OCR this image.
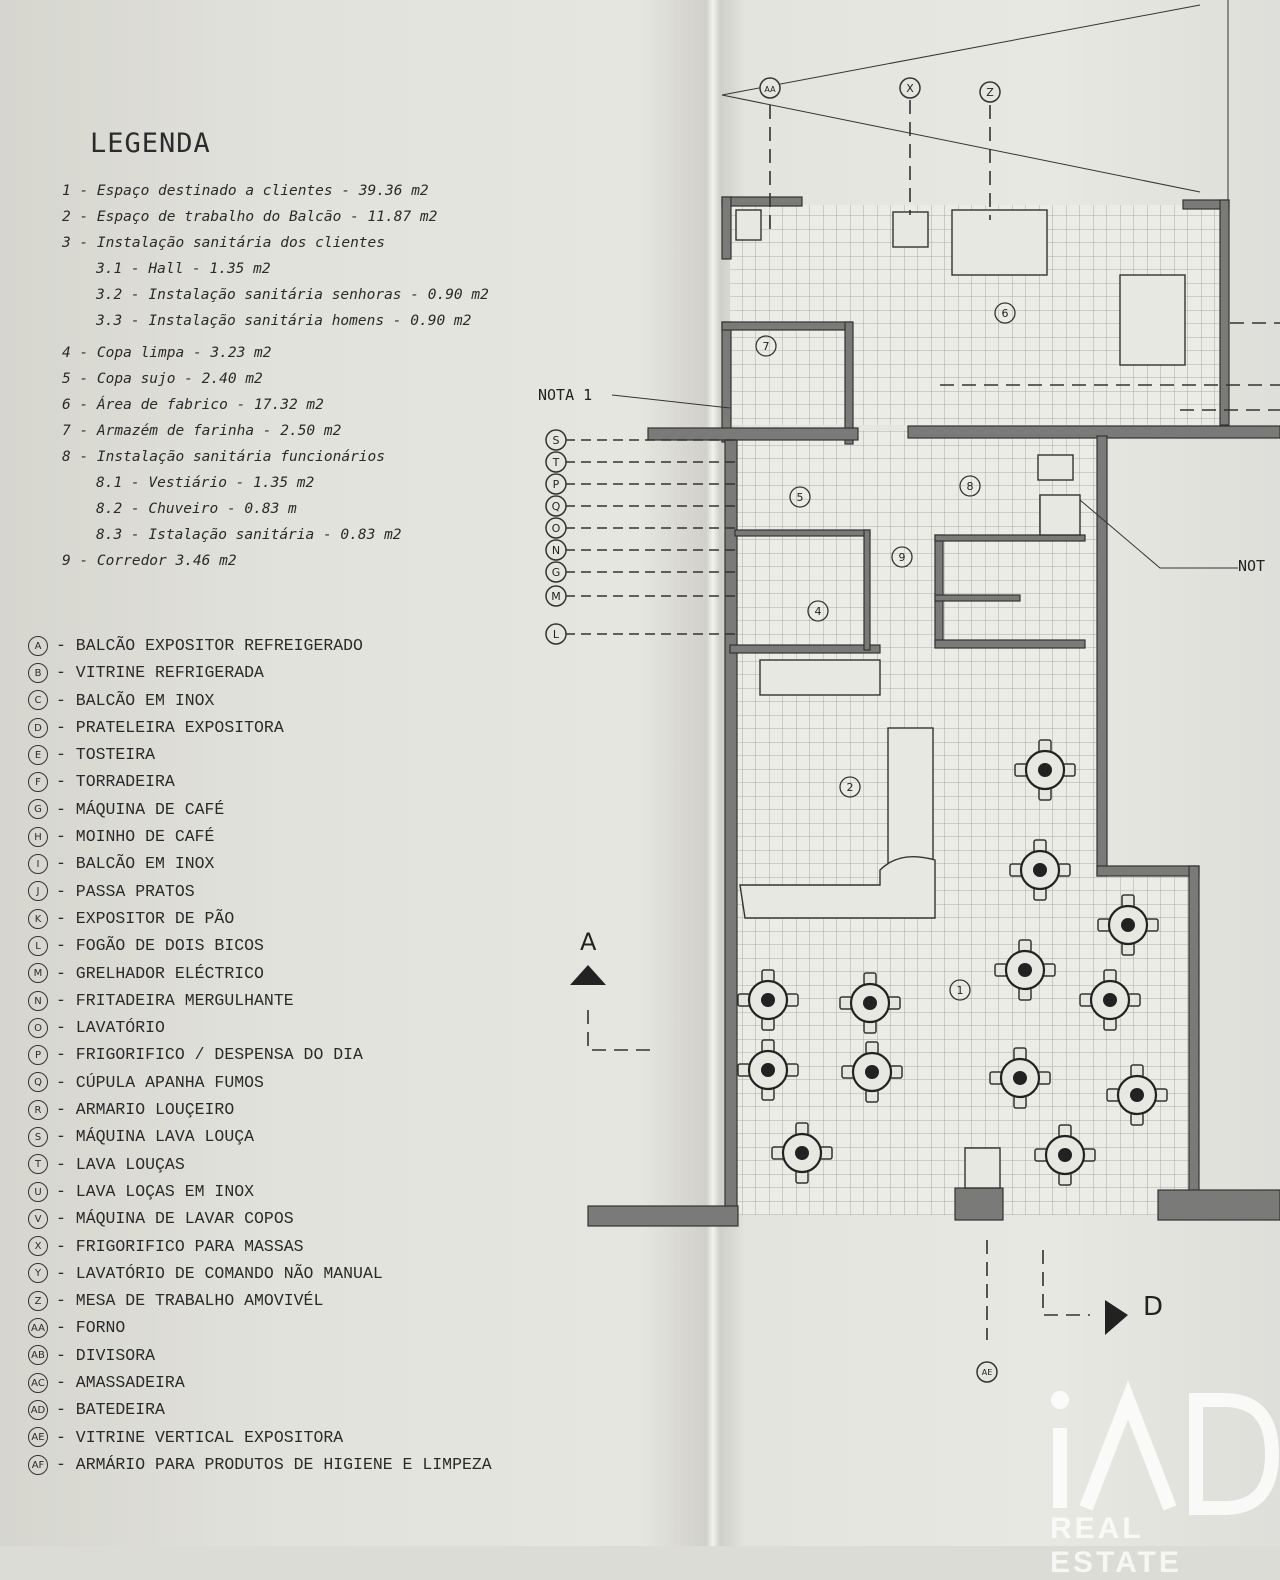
LEGENDA
1 - Espaço destinado a clientes - 39.36 m2
2 - Espaço de trabalho do Balcão - 11.87 m2
3 - Instalação sanitária dos clientes
3.1 - Hall - 1.35 m2
3.2 - Instalação sanitária senhoras - 0.90 m2
3.3 - Instalação sanitária homens - 0.90 m2
4 - Copa limpa - 3.23 m2
5 - Copa sujo - 2.40 m2
6 - Área de fabrico - 17.32 m2
7 - Armazém de farinha - 2.50 m2
8 - Instalação sanitária funcionários
8.1 - Vestiário - 1.35 m2
8.2 - Chuveiro - 0.83 m
8.3 - Istalação sanitária - 0.83 m2
9 - Corredor 3.46 m2
A - BALCÃO EXPOSITOR REFREIGERADO
B - VITRINE REFRIGERADA
C - BALCÃO EM INOX
D - PRATELEIRA EXPOSITORA
E - TOSTEIRA
F - TORRADEIRA
G - MÁQUINA DE CAFÉ
H - MOINHO DE CAFÉ
I	- BALCÃO EM INOX
J	- PASSA PRATOS
K - EXPOSITOR DE PÃO
L - FOGÃO DE DOIS BICOS
M - GRELHADOR ELÉCTRICO
N - FRITADEIRA MERGULHANTE
O - LAVATÓRIO
P - FRIGORIFICO / DESPENSA DO DIA
Q - CÚPULA APANHA FUMOS
R - ARMARIO LOUÇEIRO
S - MÁQUINA LAVA LOUÇA
T - LAVA LOUÇAS
U - LAVA LOÇAS EM INOX
V - MÁQUINA DE LAVAR COPOS
X - FRIGORIFICO PARA MASSAS
Y - LAVATÓRIO DE COMANDO NÃO MANUAL
Z - MESA DE TRABALHO AMOVIVÉL
AA - FORNO
AB - DIVISORA
AC - AMASSADEIRA
AD - BATEDEIRA
AE - VITRINE VERTICAL EXPOSITORA
AF - ARMÁRIO PARA PRODUTOS DE HIGIENE E LIMPEZA
1
2
4
5
6
7
8
9
S
T
P
Q
O
N
G
M
L
AA	X	Z
AE
NOTA 1
NOT
A
D
REAL ESTATE
